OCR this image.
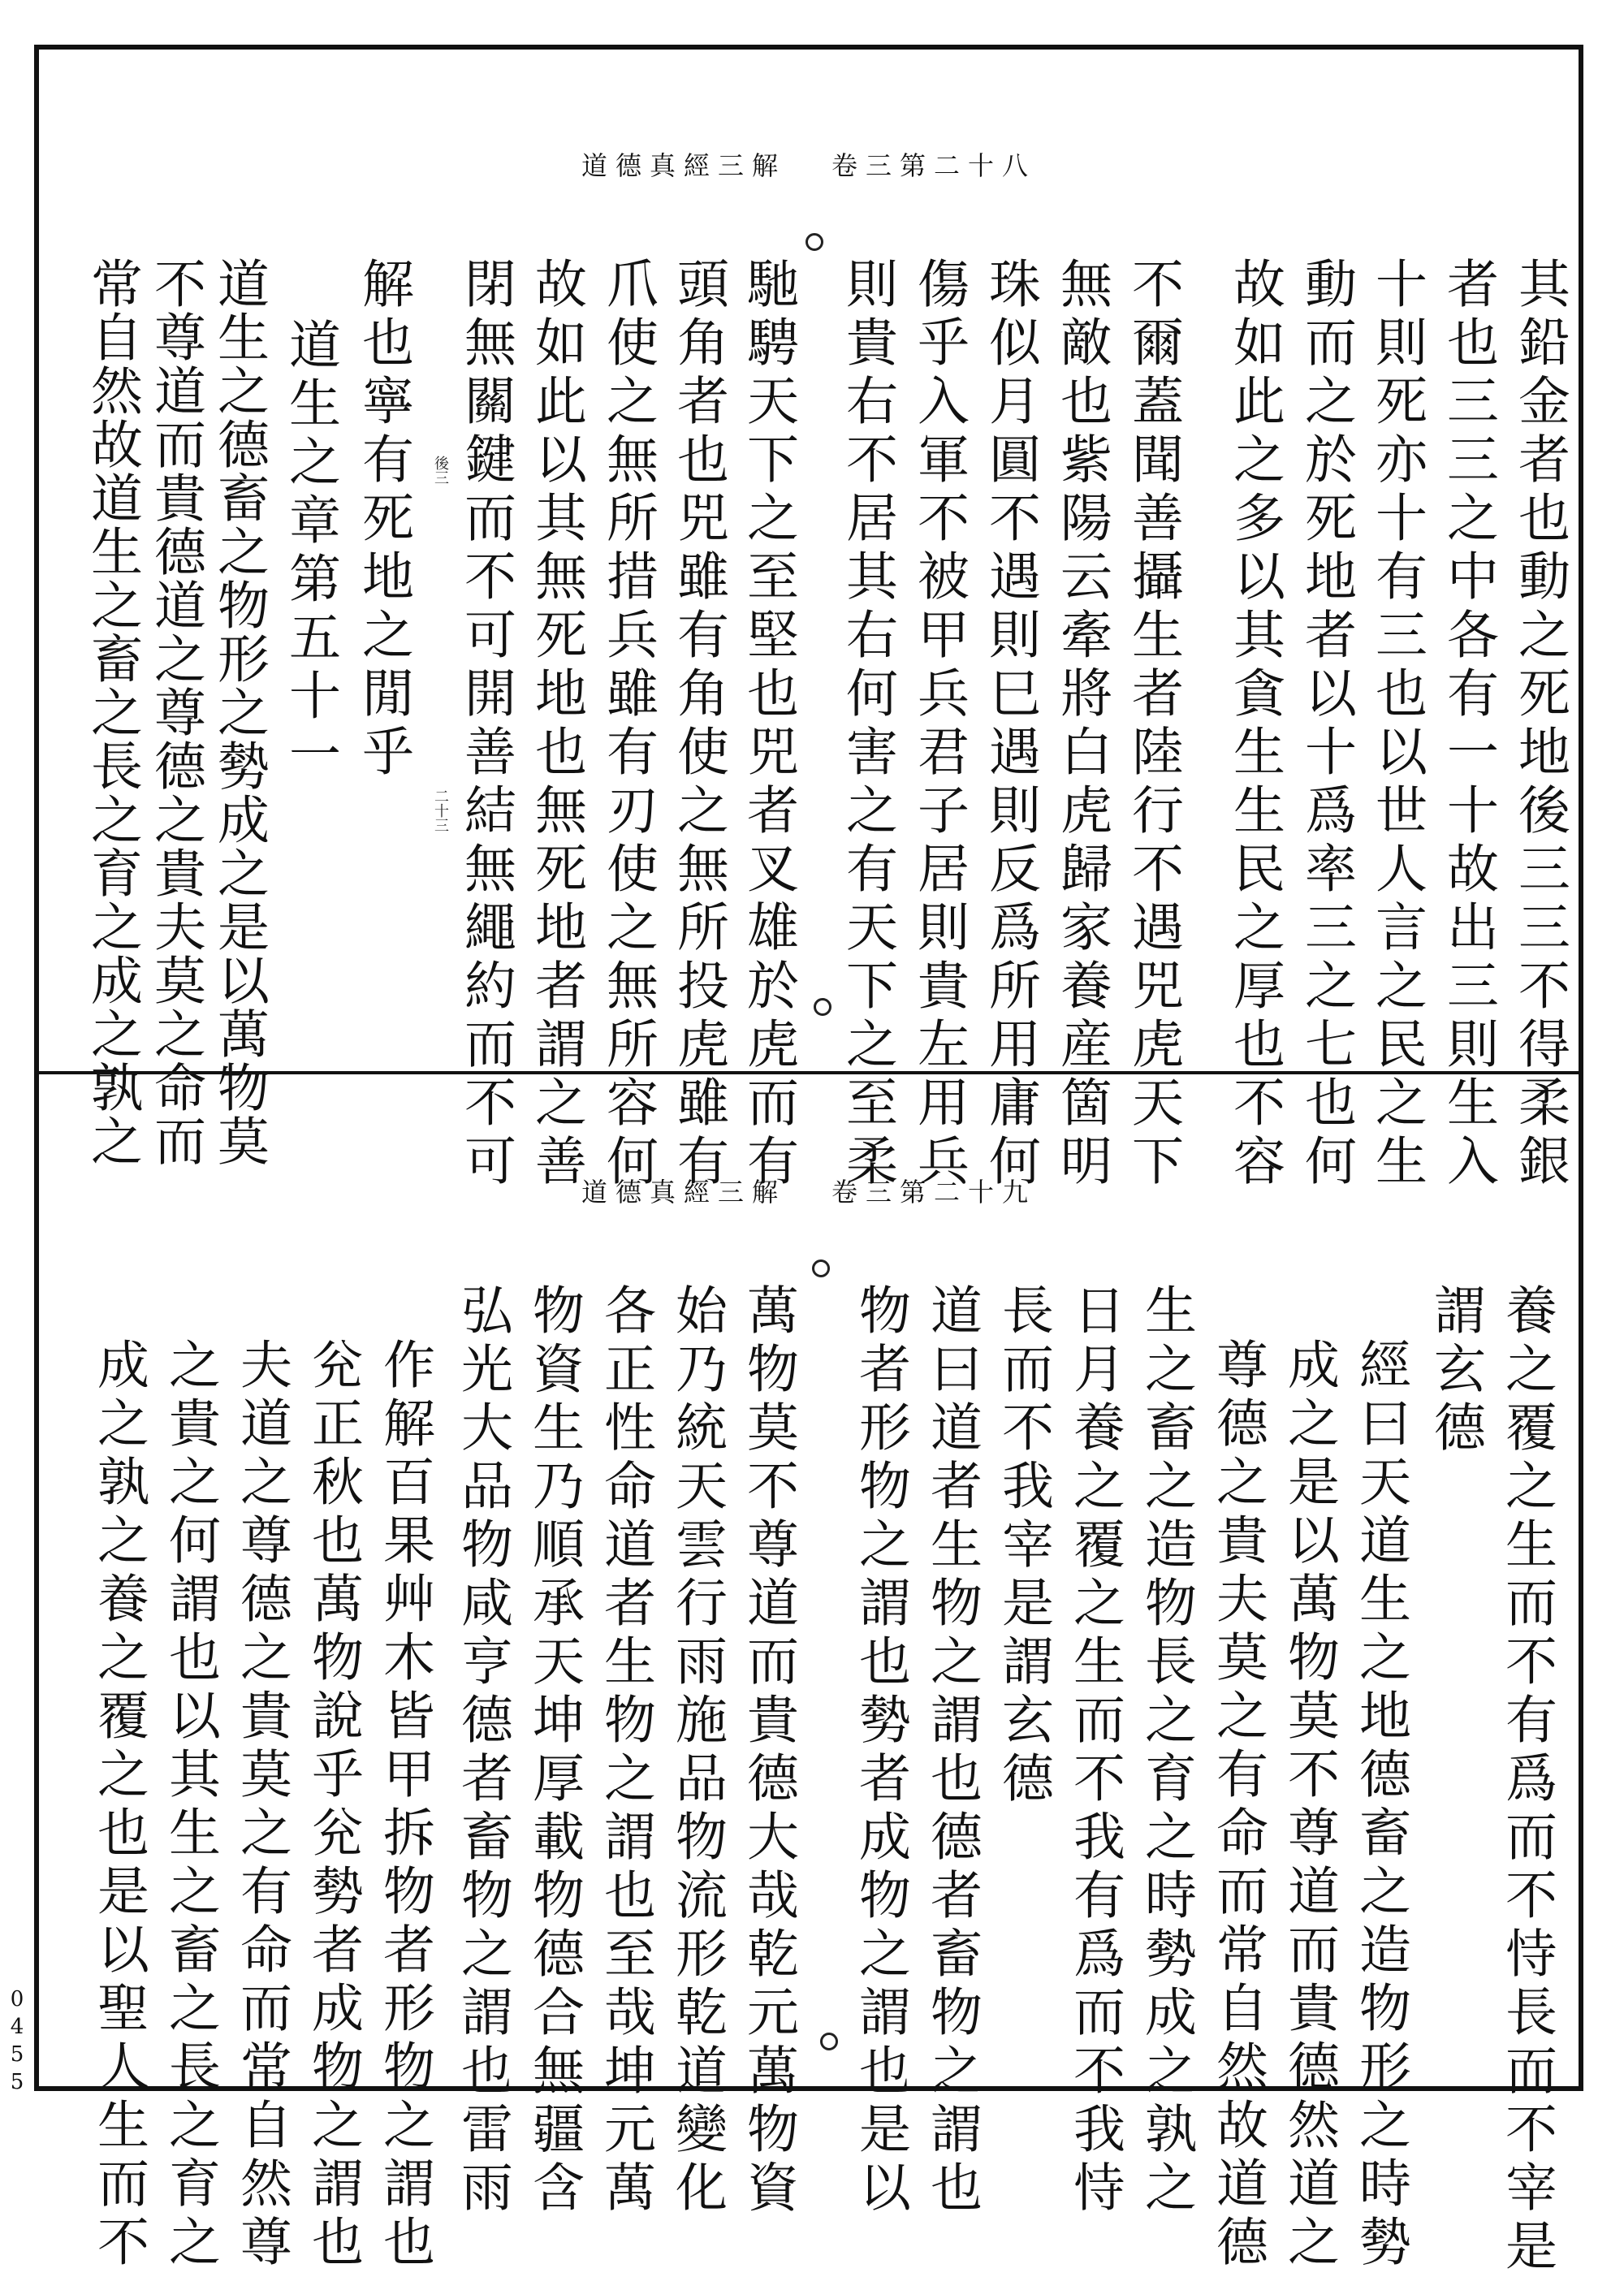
道德真經三解 卷三第二十八
其鉛金者也動之死地後三三不得柔銀
者也三三之中各有一十故出三則生入
十則死亦十有三也以世人言之民之生
動而之於死地者以十爲率三之七也何
故如此之多以其貪生生民之厚也不容
不爾蓋聞善攝生者陸行不遇兕虎天下
無敵也紫陽云牽將白虎歸家養産箇明
珠似月圓不遇則巳遇則反爲所用庸何
傷乎入軍不被甲兵君子居則貴左用兵
則貴右不居其右何害之有天下之至柔
馳騁天下之至堅也兕者叉雄於虎而有
頭角者也兕雖有角使之無所投虎雖有
爪使之無所措兵雖有刃使之無所容何
故如此以其無死地也無死地者謂之善
閉無關鍵而不可開善結無繩約而不可
解也寧有死地之閒乎
二十三
後三
道生之章第五十一
道生之德畜之物形之勢成之是以萬物莫
不尊道而貴德道之尊德之貴夫莫之命而
常自然故道生之畜之長之育之成之孰之
道德真經三解 卷三第二十九
養之覆之生而不有爲而不恃長而不宰是
謂玄德
經曰天道生之地德畜之造物形之時勢
成之是以萬物莫不尊道而貴德然道之
尊德之貴夫莫之有命而常自然故道德
生之畜之造物長之育之時勢成之孰之
日月養之覆之生而不我有爲而不我恃
長而不我宰是謂玄德
道曰道者生物之謂也德者畜物之謂也
物者形物之謂也勢者成物之謂也是以
萬物莫不尊道而貴德大哉乾元萬物資
始乃統天雲行雨施品物流形乾道變化
各正性命道者生物之謂也至哉坤元萬
物資生乃順承天坤厚載物德合無疆含
弘光大品物咸亨德者畜物之謂也雷雨
作解百果艸木皆甲拆物者形物之謂也
兊正秋也萬物說乎兊勢者成物之謂也
夫道之尊德之貴莫之有命而常自然尊
之貴之何謂也以其生之畜之長之育之
成之孰之養之覆之也是以聖人生而不
0455
